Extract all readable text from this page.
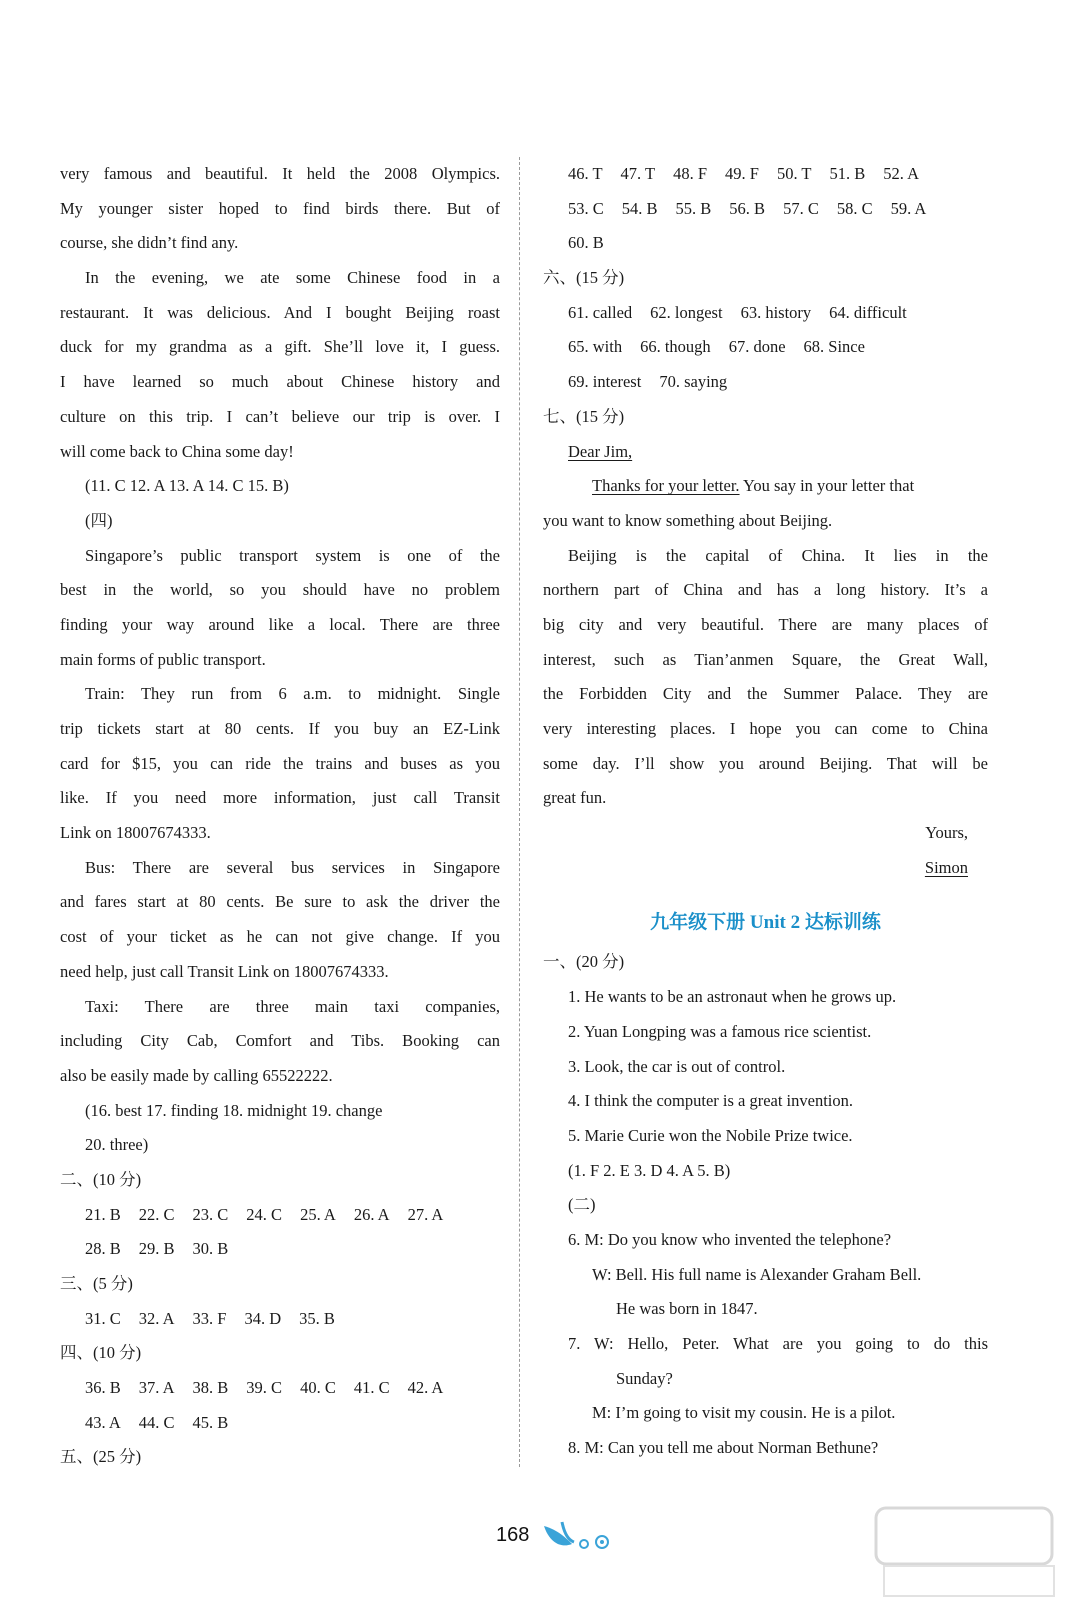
very famous and beautiful. It held the 2008 Olympics.
My younger sister hoped to find birds there. But of
course, she didn’t find any.
In the evening, we ate some Chinese food in a
restaurant. It was delicious. And I bought Beijing roast
duck for my grandma as a gift. She’ll love it, I guess.
I have learned so much about Chinese history and
culture on this trip. I can’t believe our trip is over. I
will come back to China some day!
(11. C 12. A 13. A 14. C 15. B)
(四)
Singapore’s public transport system is one of the
best in the world, so you should have no problem
finding your way around like a local. There are three
main forms of public transport.
Train: They run from 6 a.m. to midnight. Single
trip tickets start at 80 cents. If you buy an EZ-Link
card for $15, you can ride the trains and buses as you
like. If you need more information, just call Transit
Link on 18007674333.
Bus: There are several bus services in Singapore
and fares start at 80 cents. Be sure to ask the driver the
cost of your ticket as he can not give change. If you
need help, just call Transit Link on 18007674333.
Taxi: There are three main taxi companies,
including City Cab, Comfort and Tibs. Booking can
also be easily made by calling 65522222.
(16. best 17. finding 18. midnight 19. change
20. three)
二、(10 分)
21. B 22. C 23. C 24. C 25. A 26. A 27. A
28. B 29. B 30. B
三、(5 分)
31. C 32. A 33. F 34. D 35. B
四、(10 分)
36. B 37. A 38. B 39. C 40. C 41. C 42. A
43. A 44. C 45. B
五、(25 分)
46. T 47. T 48. F 49. F 50. T 51. B 52. A
53. C 54. B 55. B 56. B 57. C 58. C 59. A
60. B
六、(15 分)
61. called 62. longest 63. history 64. difficult
65. with 66. though 67. done 68. Since
69. interest 70. saying
七、(15 分)
Dear Jim,
Thanks for your letter. You say in your letter that
you want to know something about Beijing.
Beijing is the capital of China. It lies in the
northern part of China and has a long history. It’s a
big city and very beautiful. There are many places of
interest, such as Tian’anmen Square, the Great Wall,
the Forbidden City and the Summer Palace. They are
very interesting places. I hope you can come to China
some day. I’ll show you around Beijing. That will be
great fun.
Yours,
Simon
九年级下册 Unit 2 达标训练
一、(20 分)
1. He wants to be an astronaut when he grows up.
2. Yuan Longping was a famous rice scientist.
3. Look, the car is out of control.
4. I think the computer is a great invention.
5. Marie Curie won the Nobile Prize twice.
(1. F 2. E 3. D 4. A 5. B)
(二)
6. M: Do you know who invented the telephone?
W: Bell. His full name is Alexander Graham Bell.
He was born in 1847.
7. W: Hello, Peter. What are you going to do this
Sunday?
M: I’m going to visit my cousin. He is a pilot.
8. M: Can you tell me about Norman Bethune?
168
